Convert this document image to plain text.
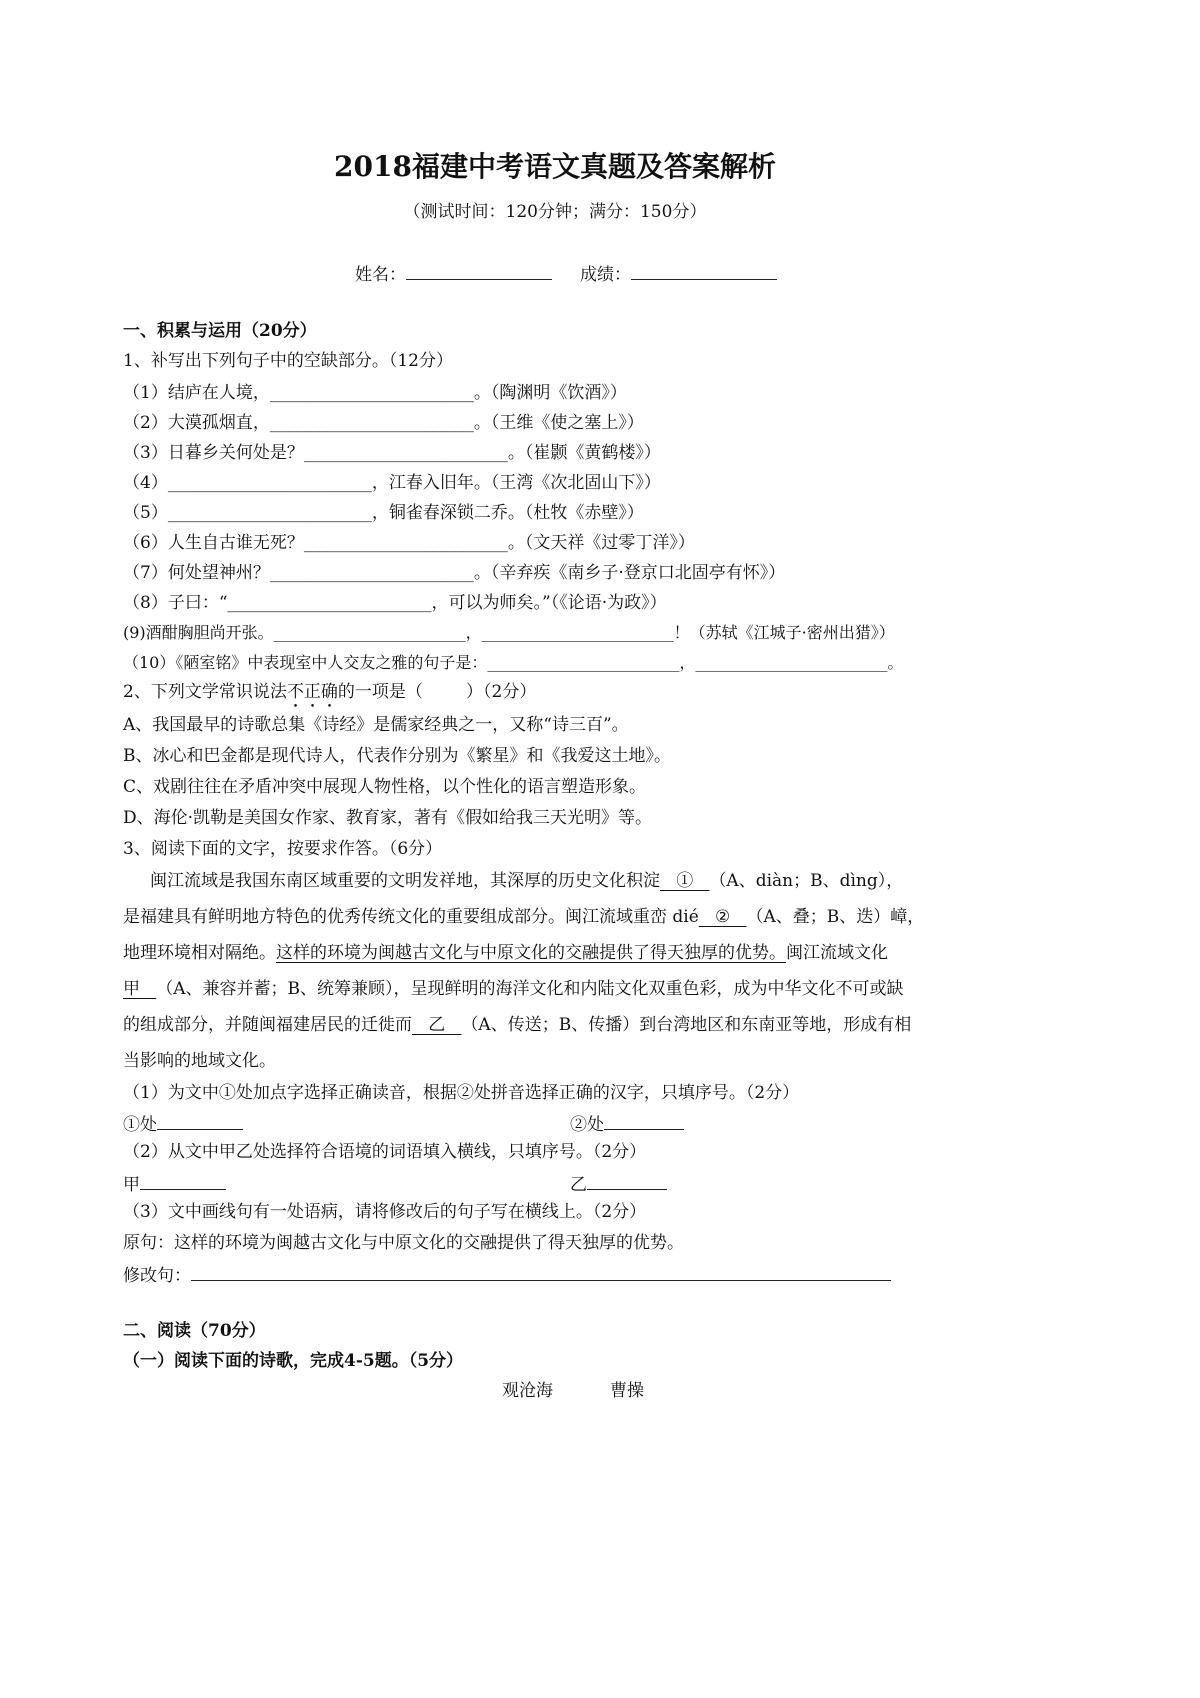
2018福建中考语文真题及答案解析
（测试时间：120分钟；满分：150分）
姓名：	成绩：
一、积累与运用（20分）
1、补写出下列句子中的空缺部分。（12分）
（1）结庐在人境，________________________。（陶渊明《饮酒》）
（2）大漠孤烟直，________________________。（王维《使之塞上》）
（3）日暮乡关何处是？________________________。（崔颢《黄鹤楼》）
（4）________________________，江春入旧年。（王湾《次北固山下》）
（5）________________________，铜雀春深锁二乔。（杜牧《赤壁》）
（6）人生自古谁无死？________________________。（文天祥《过零丁洋》）
（7）何处望神州？________________________。（辛弃疾《南乡子·登京口北固亭有怀》）
（8）子曰：“________________________，可以为师矣。”（《论语·为政》）
(9)酒酣胸胆尚开张。________________________，________________________！（苏轼《江城子·密州出猎》）
（10）《陋室铭》中表现室中人交友之雅的句子是：________________________，________________________。
2、下列文学常识说法不正确的一项是（        ）（2分）
A、我国最早的诗歌总集《诗经》是儒家经典之一，又称“诗三百”。
B、冰心和巴金都是现代诗人，代表作分别为《繁星》和《我爱这土地》。
C、戏剧往往在矛盾冲突中展现人物性格，以个性化的语言塑造形象。
D、海伦·凯勒是美国女作家、教育家，著有《假如给我三天光明》等。
3、阅读下面的文字，按要求作答。（6分）
闽江流域是我国东南区域重要的文明发祥地，其深厚的历史文化积淀   ①   （A、diàn；B、dìng），
是福建具有鲜明地方特色的优秀传统文化的重要组成部分。闽江流域重峦 dié   ②   （A、叠；B、迭）嶂，
地理环境相对隔绝。这样的环境为闽越古文化与中原文化的交融提供了得天独厚的优势。闽江流域文化
甲   （A、兼容并蓄；B、统筹兼顾），呈现鲜明的海洋文化和内陆文化双重色彩，成为中华文化不可或缺
的组成部分，并随闽福建居民的迁徙而   乙   （A、传送；B、传播）到台湾地区和东南亚等地，形成有相
当影响的地域文化。
（1）为文中①处加点字选择正确读音，根据②处拼音选择正确的汉字，只填序号。（2分）
①处	②处
（2）从文中甲乙处选择符合语境的词语填入横线，只填序号。（2分）
甲	乙
（3）文中画线句有一处语病，请将修改后的句子写在横线上。（2分）
原句：这样的环境为闽越古文化与中原文化的交融提供了得天独厚的优势。
修改句：
二、阅读（70分）
（一）阅读下面的诗歌，完成4-5题。（5分）
观沧海	曹操
